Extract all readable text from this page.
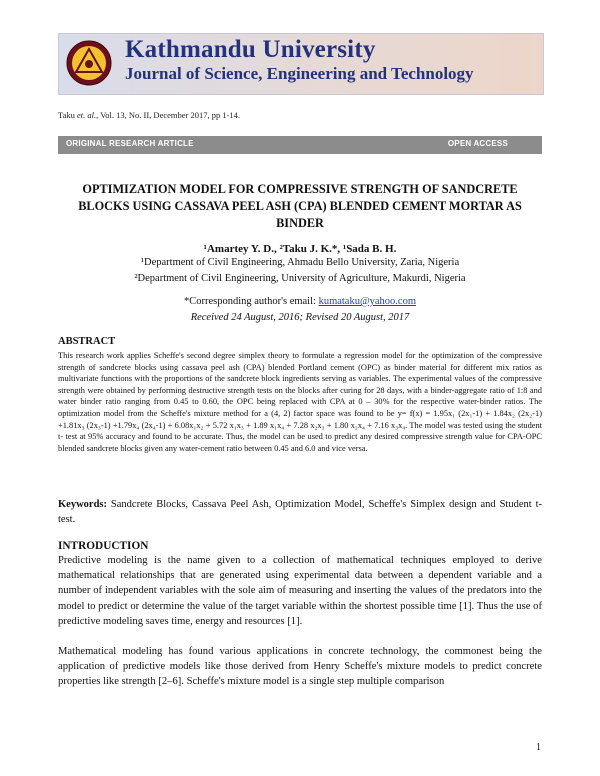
Kathmandu University
Journal of Science, Engineering and Technology
Taku et. al., Vol. 13, No. II, December 2017, pp 1-14.
ORIGINAL RESEARCH ARTICLE	OPEN ACCESS
OPTIMIZATION MODEL FOR COMPRESSIVE STRENGTH OF SANDCRETE BLOCKS USING CASSAVA PEEL ASH (CPA) BLENDED CEMENT MORTAR AS BINDER
¹Amartey Y. D., ²Taku J. K.*, ¹Sada B. H.
¹Department of Civil Engineering, Ahmadu Bello University, Zaria, Nigeria
²Department of Civil Engineering, University of Agriculture, Makurdi, Nigeria
*Corresponding author's email: kumataku@yahoo.com
Received 24 August, 2016; Revised 20 August, 2017
ABSTRACT
This research work applies Scheffe's second degree simplex theory to formulate a regression model for the optimization of the compressive strength of sandcrete blocks using cassava peel ash (CPA) blended Portland cement (OPC) as binder material for different mix ratios as multivariate functions with the proportions of the sandcrete block ingredients serving as variables. The experimental values of the compressive strength were obtained by performing destructive strength tests on the blocks after curing for 28 days, with a binder-aggregate ratio of 1:8 and water binder ratio ranging from 0.45 to 0.60, the OPC being replaced with CPA at 0 – 30% for the respective water-binder ratios. The optimization model from the Scheffe's mixture method for a (4, 2) factor space was found to be y= f(x) = 1.95x₁ (2x₁-1) + 1.84x₂ (2x₂-1) +1.81x₃ (2x₃-1) +1.79x₄ (2x₄-1) + 6.08x₁x₂ + 5.72 x₁x₃ + 1.89 x₁x₄ + 7.28 x₂x₃ + 1.80 x₂x₄ + 7.16 x₃x₄. The model was tested using the student t- test at 95% accuracy and found to be accurate. Thus, the model can be used to predict any desired compressive strength value for CPA-OPC blended sandcrete blocks given any water-cement ratio between 0.45 and 6.0 and vice versa.
Keywords: Sandcrete Blocks, Cassava Peel Ash, Optimization Model, Scheffe's Simplex design and Student t-test.
INTRODUCTION
Predictive modeling is the name given to a collection of mathematical techniques employed to derive mathematical relationships that are generated using experimental data between a dependent variable and a number of independent variables with the sole aim of measuring and inserting the values of the predators into the model to predict or determine the value of the target variable within the shortest possible time [1]. Thus the use of predictive modeling saves time, energy and resources [1].
Mathematical modeling has found various applications in concrete technology, the commonest being the application of predictive models like those derived from Henry Scheffe's mixture models to predict concrete properties like strength [2–6]. Scheffe's mixture model is a single step multiple comparison
1
